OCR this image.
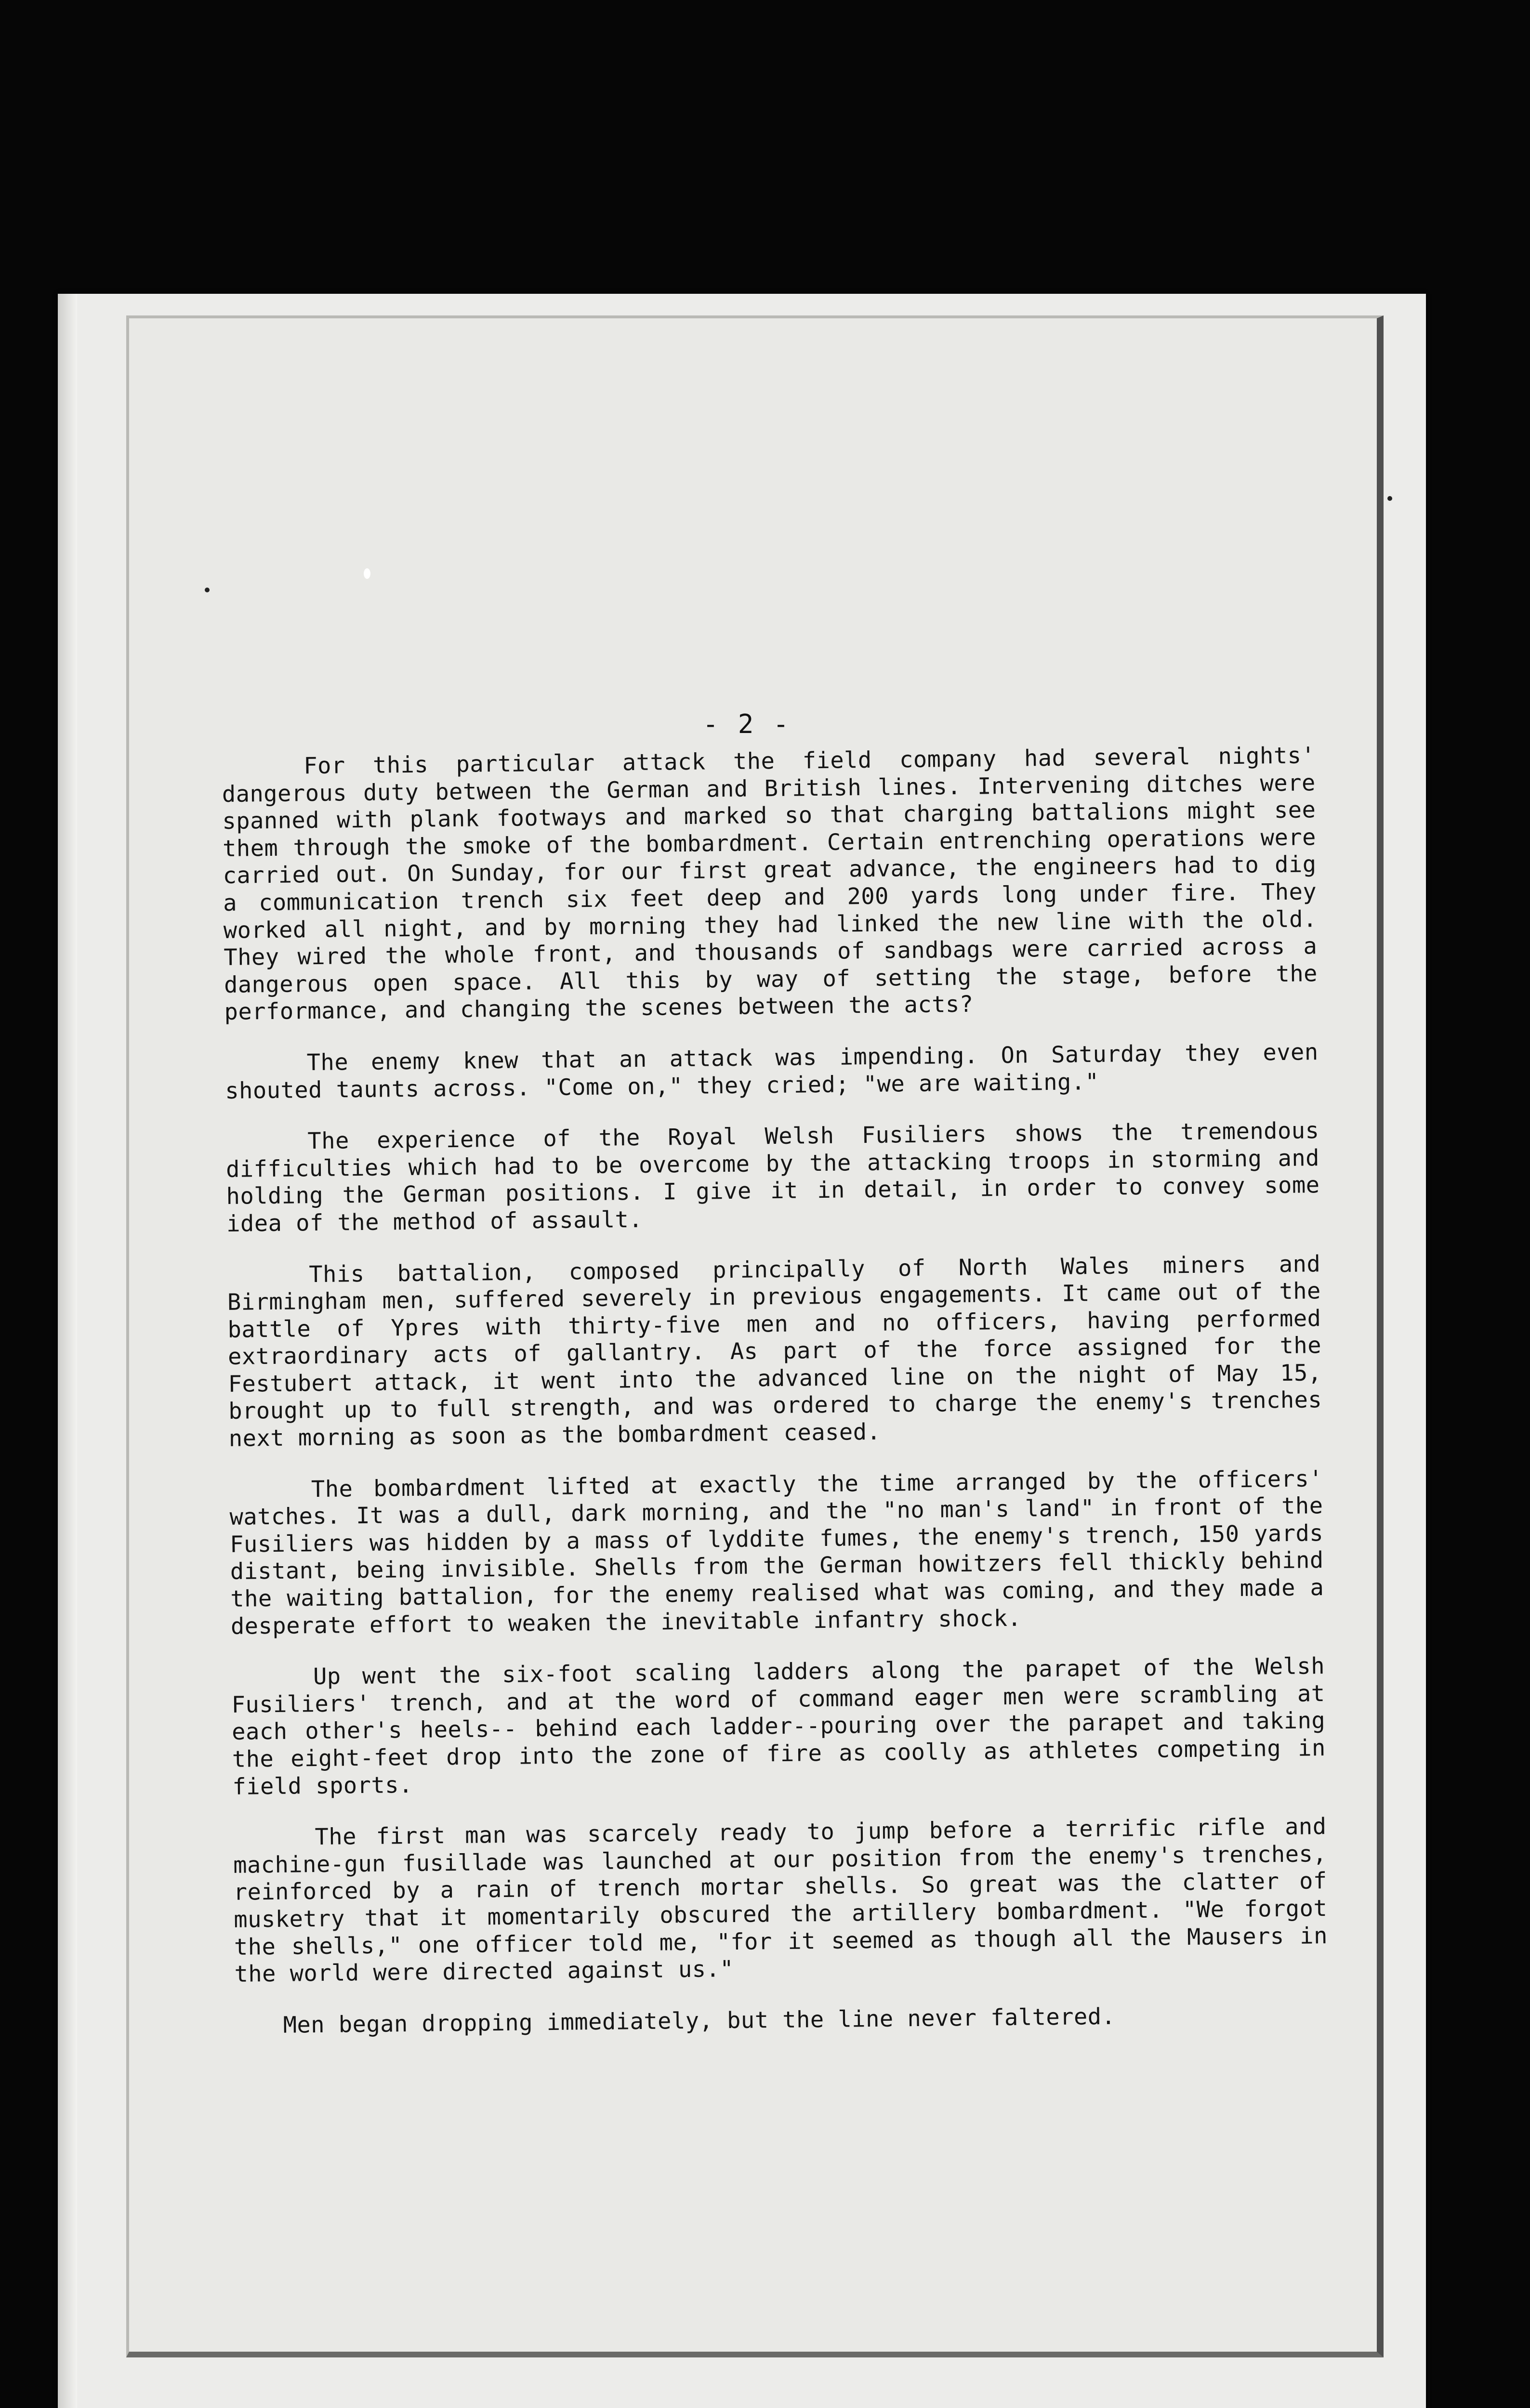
- 2 -

For this particular attack the field company had several nights' dangerous duty between the German and British lines. Intervening ditches were spanned with plank footways and marked so that charging battalions might see them through the smoke of the bombardment. Certain entrenching operations were carried out. On Sunday, for our first great advance, the engineers had to dig a communication trench six feet deep and 200 yards long under fire. They worked all night, and by morning they had linked the new line with the old. They wired the whole front, and thousands of sandbags were carried across a dangerous open space. All this by way of setting the stage, before the performance, and changing the scenes between the acts?

The enemy knew that an attack was impending. On Saturday they even shouted taunts across. "Come on," they cried; "we are waiting."

The experience of the Royal Welsh Fusiliers shows the tremendous difficulties which had to be overcome by the attacking troops in storming and holding the German positions. I give it in detail, in order to convey some idea of the method of assault.

This battalion, composed principally of North Wales miners and Birmingham men, suffered severely in previous engagements. It came out of the battle of Ypres with thirty-five men and no officers, having performed extraordinary acts of gallantry. As part of the force assigned for the Festubert attack, it went into the advanced line on the night of May 15, brought up to full strength, and was ordered to charge the enemy's trenches next morning as soon as the bombardment ceased.

The bombardment lifted at exactly the time arranged by the officers' watches. It was a dull, dark morning, and the "no man's land" in front of the Fusiliers was hidden by a mass of lyddite fumes, the enemy's trench, 150 yards distant, being invisible. Shells from the German howitzers fell thickly behind the waiting battalion, for the enemy realised what was coming, and they made a desperate effort to weaken the inevitable infantry shock.

Up went the six-foot scaling ladders along the parapet of the Welsh Fusiliers' trench, and at the word of command eager men were scrambling at each other's heels-- behind each ladder--pouring over the parapet and taking the eight-feet drop into the zone of fire as coolly as athletes competing in field sports.

The first man was scarcely ready to jump before a terrific rifle and machine-gun fusillade was launched at our position from the enemy's trenches, reinforced by a rain of trench mortar shells. So great was the clatter of musketry that it momentarily obscured the artillery bombardment. "We forgot the shells," one officer told me, "for it seemed as though all the Mausers in the world were directed against us."

Men began dropping immediately, but the line never faltered.
